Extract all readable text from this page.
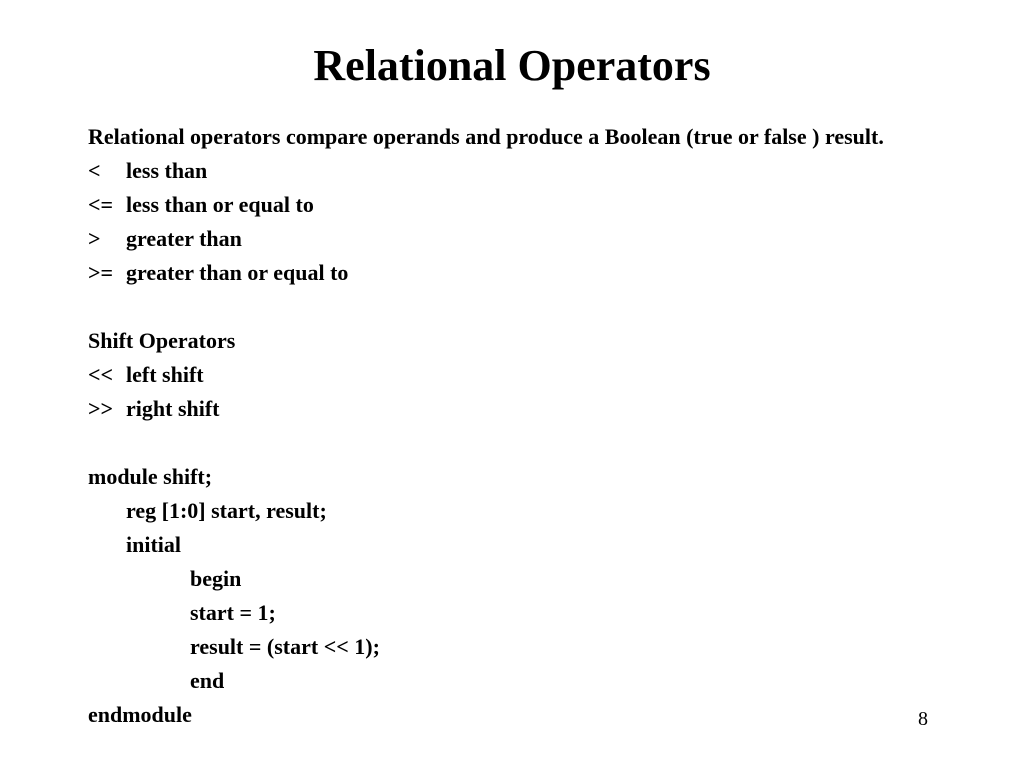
Relational Operators
Relational operators compare operands and produce a Boolean (true or false ) result.
< less than
<= less than or equal to
> greater than
>= greater than or equal to
Shift Operators
<< left shift
>> right shift
module shift;
reg [1:0] start, result;
initial
begin
start = 1;
result = (start << 1);
end
endmodule	8
